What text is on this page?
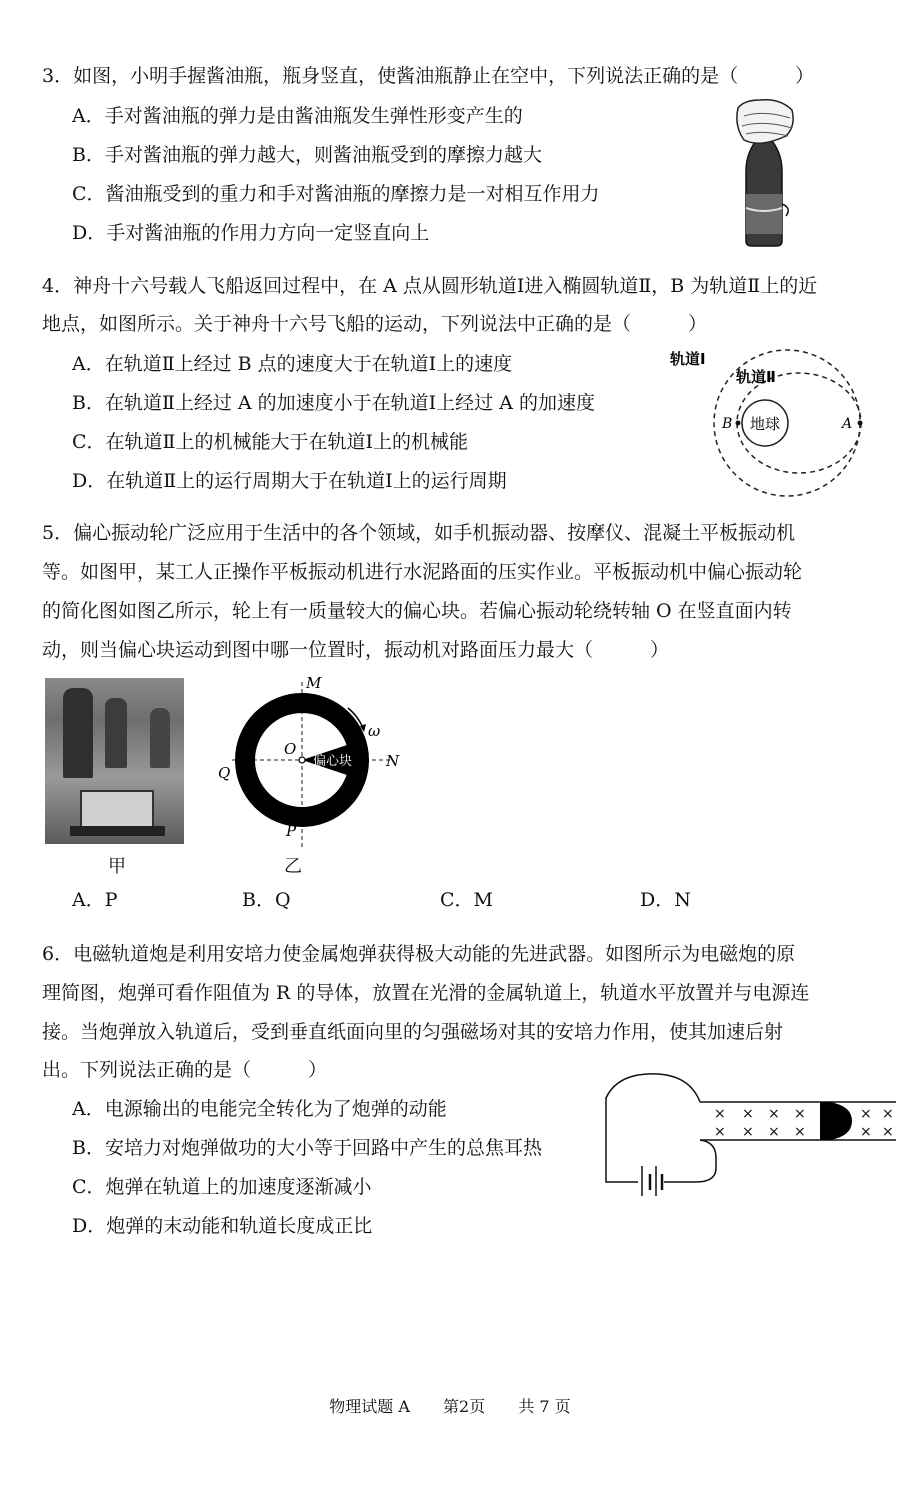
3．如图，小明手握酱油瓶，瓶身竖直，使酱油瓶静止在空中，下列说法正确的是（　　　）
A．手对酱油瓶的弹力是由酱油瓶发生弹性形变产生的
B．手对酱油瓶的弹力越大，则酱油瓶受到的摩擦力越大
C．酱油瓶受到的重力和手对酱油瓶的摩擦力是一对相互作用力
D．手对酱油瓶的作用力方向一定竖直向上
4．神舟十六号载人飞船返回过程中，在 A 点从圆形轨道Ⅰ进入椭圆轨道Ⅱ，B 为轨道Ⅱ上的近
地点，如图所示。关于神舟十六号飞船的运动，下列说法中正确的是（　　　）
A．在轨道Ⅱ上经过 B 点的速度大于在轨道Ⅰ上的速度
B．在轨道Ⅱ上经过 A 的加速度小于在轨道Ⅰ上经过 A 的加速度
C．在轨道Ⅱ上的机械能大于在轨道Ⅰ上的机械能
D．在轨道Ⅱ上的运行周期大于在轨道Ⅰ上的运行周期
地球
B	A
轨道Ⅰ
轨道Ⅱ
5．偏心振动轮广泛应用于生活中的各个领域，如手机振动器、按摩仪、混凝土平板振动机
等。如图甲，某工人正操作平板振动机进行水泥路面的压实作业。平板振动机中偏心振动轮
的简化图如图乙所示，轮上有一质量较大的偏心块。若偏心振动轮绕转轴 O 在竖直面内转
动，则当偏心块运动到图中哪一位置时，振动机对路面压力最大（　　　）
甲
偏心块
O
M
N
Q
P
ω
乙
A．P	B．Q	C．M	D．N
6．电磁轨道炮是利用安培力使金属炮弹获得极大动能的先进武器。如图所示为电磁炮的原
理简图，炮弹可看作阻值为 R 的导体，放置在光滑的金属轨道上，轨道水平放置并与电源连
接。当炮弹放入轨道后，受到垂直纸面向里的匀强磁场对其的安培力作用，使其加速后射
出。下列说法正确的是（　　　）
A．电源输出的电能完全转化为了炮弹的动能
B．安培力对炮弹做功的大小等于回路中产生的总焦耳热
C．炮弹在轨道上的加速度逐渐减小
D．炮弹的末动能和轨道长度成正比
× × × ×	× ×
× × × ×	× ×
物理试题 A 第2页 共 7 页
